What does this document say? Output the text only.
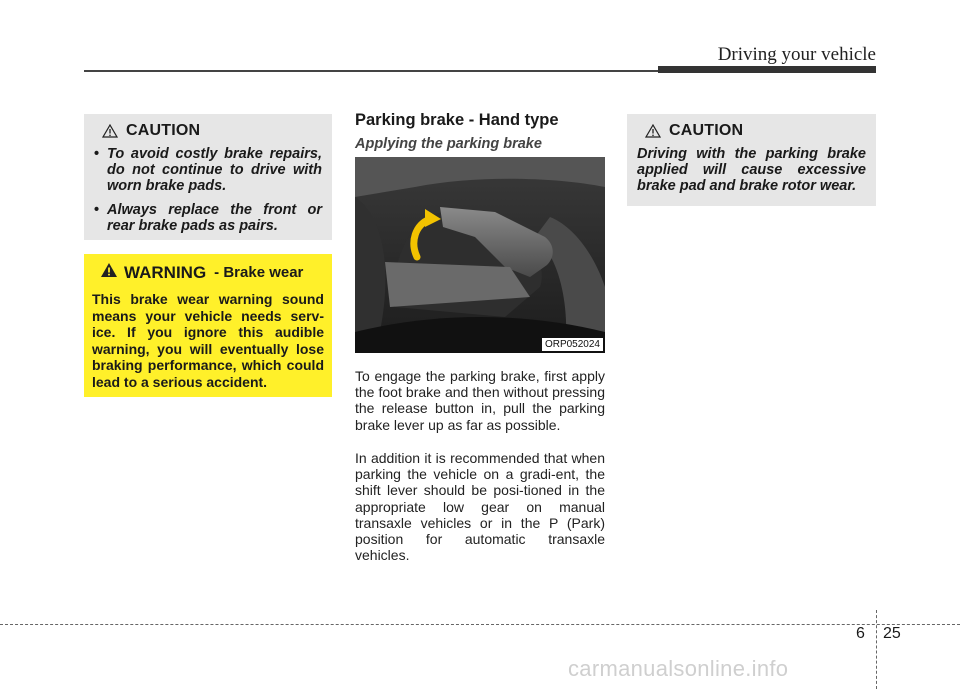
Driving your vehicle
CAUTION
• To avoid costly brake repairs, do not continue to drive with worn brake pads.
• Always replace the front or rear brake pads as pairs.
WARNING - Brake wear
This brake wear warning sound means your vehicle needs serv-ice. If you ignore this audible warning, you will eventually lose braking performance, which could lead to a serious accident.
Parking brake - Hand type
Applying the parking brake
ORP052024
To engage the parking brake, first apply the foot brake and then without pressing the release button in, pull the parking brake lever up as far as possible.
In addition it is recommended that when parking the vehicle on a gradi-ent, the shift lever should be posi-tioned in the appropriate low gear on manual transaxle vehicles or in the P (Park) position for automatic transaxle vehicles.
CAUTION
Driving with the parking brake applied will cause excessive brake pad and brake rotor wear.
6 25
carmanualsonline.info
